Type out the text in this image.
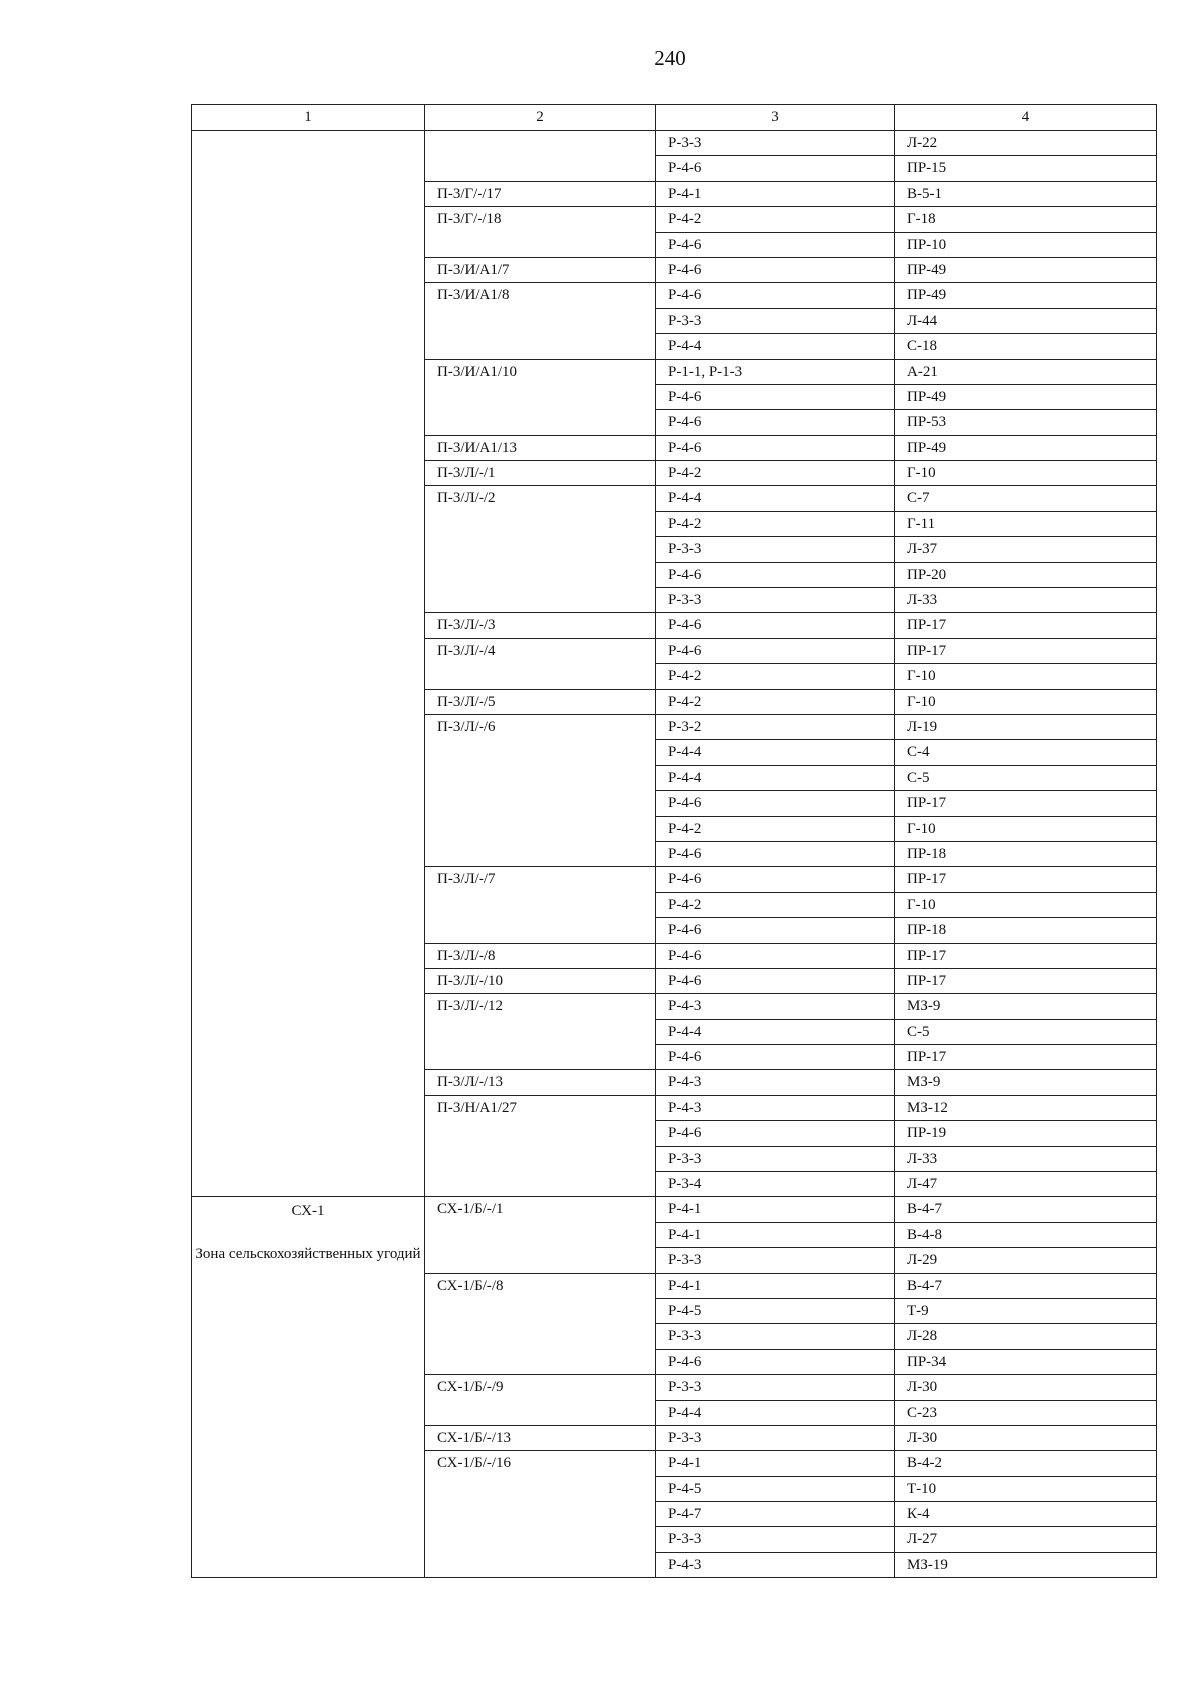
240
1	2	3	4

		Р-3-3	Л-22
		Р-4-6	ПР-15
	П-3/Г/-/17	Р-4-1	В-5-1
	П-3/Г/-/18	Р-4-2	Г-18
		Р-4-6	ПР-10
	П-3/И/А1/7	Р-4-6	ПР-49
	П-3/И/А1/8	Р-4-6	ПР-49
		Р-3-3	Л-44
		Р-4-4	С-18
	П-3/И/А1/10	Р-1-1, Р-1-3	А-21
		Р-4-6	ПР-49
		Р-4-6	ПР-53
	П-3/И/А1/13	Р-4-6	ПР-49
	П-3/Л/-/1	Р-4-2	Г-10
	П-3/Л/-/2	Р-4-4	С-7
		Р-4-2	Г-11
		Р-3-3	Л-37
		Р-4-6	ПР-20
		Р-3-3	Л-33
	П-3/Л/-/3	Р-4-6	ПР-17
	П-3/Л/-/4	Р-4-6	ПР-17
		Р-4-2	Г-10
	П-3/Л/-/5	Р-4-2	Г-10
	П-3/Л/-/6	Р-3-2	Л-19
		Р-4-4	С-4
		Р-4-4	С-5
		Р-4-6	ПР-17
		Р-4-2	Г-10
		Р-4-6	ПР-18
	П-3/Л/-/7	Р-4-6	ПР-17
		Р-4-2	Г-10
		Р-4-6	ПР-18
	П-3/Л/-/8	Р-4-6	ПР-17
	П-3/Л/-/10	Р-4-6	ПР-17
	П-3/Л/-/12	Р-4-3	МЗ-9
		Р-4-4	С-5
		Р-4-6	ПР-17
	П-3/Л/-/13	Р-4-3	МЗ-9
	П-3/Н/А1/27	Р-4-3	МЗ-12
		Р-4-6	ПР-19
		Р-3-3	Л-33
		Р-3-4	Л-47

СХ-1
Зона сельскохозяйственных угодий	СХ-1/Б/-/1	Р-4-1	В-4-7
		Р-4-1	В-4-8
		Р-3-3	Л-29
	СХ-1/Б/-/8	Р-4-1	В-4-7
		Р-4-5	Т-9
		Р-3-3	Л-28
		Р-4-6	ПР-34
	СХ-1/Б/-/9	Р-3-3	Л-30
		Р-4-4	С-23
	СХ-1/Б/-/13	Р-3-3	Л-30
	СХ-1/Б/-/16	Р-4-1	В-4-2
		Р-4-5	Т-10
		Р-4-7	К-4
		Р-3-3	Л-27
		Р-4-3	МЗ-19
